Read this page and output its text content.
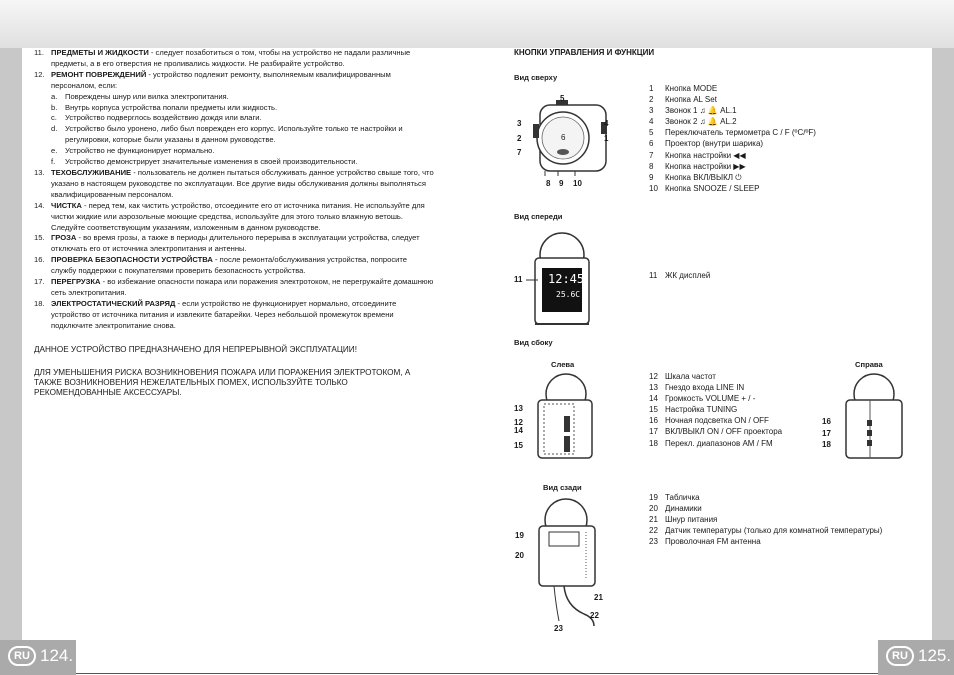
11. ПРЕДМЕТЫ И ЖИДКОСТИ - следует позаботиться о том, чтобы на устройство не падали различные предметы, а в его отверстия не проливались жидкости. Не разбирайте устройство.
12. РЕМОНТ ПОВРЕЖДЕНИЙ - устройство подлежит ремонту, выполняемым квалифицированным персоналом, если:
a.	Повреждены шнур или вилка электропитания.
b.	Внутрь корпуса устройства попали предметы или жидкость.
c.	Устройство подверглось воздействию дождя или влаги.
d.	Устройство было уронено, либо был поврежден его корпус. Используйте только те настройки и регулировки, которые были указаны в данном руководстве.
e.	Устройство не функционирует нормально.
f.	Устройство демонстрирует значительные изменения в своей производительности.
13. ТЕХОБСЛУЖИВАНИЕ - пользователь не должен пытаться обслуживать данное устройство свыше того, что указано в настоящем руководстве по эксплуатации. Все другие виды обслуживания должны выполняться квалифицированным персоналом.
14. ЧИСТКА - перед тем, как чистить устройство, отсоедините его от источника питания. Не используйте для чистки жидкие или аэрозольные моющие средства, используйте для этого только влажную ветошь. Следуйте соответствующим указаниям, изложенным в данном руководстве.
15. ГРОЗА - во время грозы, а также в периоды длительного перерыва в эксплуатации устройства, следует отключать его от источника электропитания и антенны.
16. ПРОВЕРКА БЕЗОПАСНОСТИ УСТРОЙСТВА - после ремонта/обслуживания устройства, попросите службу поддержки с покупателями проверить безопасность устройства.
17. ПЕРЕГРУЗКА - во избежание опасности пожара или поражения электротоком, не перегружайте домашнюю сеть электропитания.
18. ЭЛЕКТРОСТАТИЧЕСКИЙ РАЗРЯД - если устройство не функционирует нормально, отсоедините устройство от источника питания и извлеките батарейки. Через небольшой промежуток времени подключите электропитание снова.
ДАННОЕ УСТРОЙСТВО ПРЕДНАЗНАЧЕНО ДЛЯ НЕПРЕРЫВНОЙ ЭКСПЛУАТАЦИИ!
ДЛЯ УМЕНЬШЕНИЯ РИСКА ВОЗНИКНОВЕНИЯ ПОЖАРА ИЛИ ПОРАЖЕНИЯ ЭЛЕКТРОТОКОМ, А ТАКЖЕ ВОЗНИКНОВЕНИЯ НЕЖЕЛАТЕЛЬНЫХ ПОМЕХ, ИСПОЛЬЗУЙТЕ ТОЛЬКО РЕКОМЕНДОВАННЫЕ АКСЕССУАРЫ.
RU 124.
КНОПКИ УПРАВЛЕНИЯ И ФУНКЦИИ
Вид сверху
Вид спереди
Вид сбоку
Слева	Справа
Вид сзади
5
3
2
7
4
1
6
8 9 10
1	Кнопка MODE
2	Кнопка AL Set
3	Звонок 1 ♫ 🔔 AL.1
4	Звонок 2 ♫ 🔔 AL.2
5	Переключатель термометра C / F (ºC/ºF)
6	Проектор (внутри шарика)
7	Кнопка настройки ◀◀
8	Кнопка настройки ▶▶
9	Кнопка ВКЛ/ВЫКЛ ⏻
10 Кнопка SNOOZE / SLEEP
12:45
25.6C
11	11 ЖК дисплей
13
12
14
15
12 Шкала частот
13 Гнездо входа LINE IN
14 Громкость VOLUME + / -
15 Настройка TUNING
16 Ночная подсветка ON / OFF
17 ВКЛ/ВЫКЛ ON / OFF проектора
18 Перекл. диапазонов AM / FM
16
17
18
19
20
21
22
23
19 Табличка
20 Динамики
21 Шнур питания
22 Датчик температуры (только для комнатной температуры)
23 Проволочная FM антенна
RU 125.
